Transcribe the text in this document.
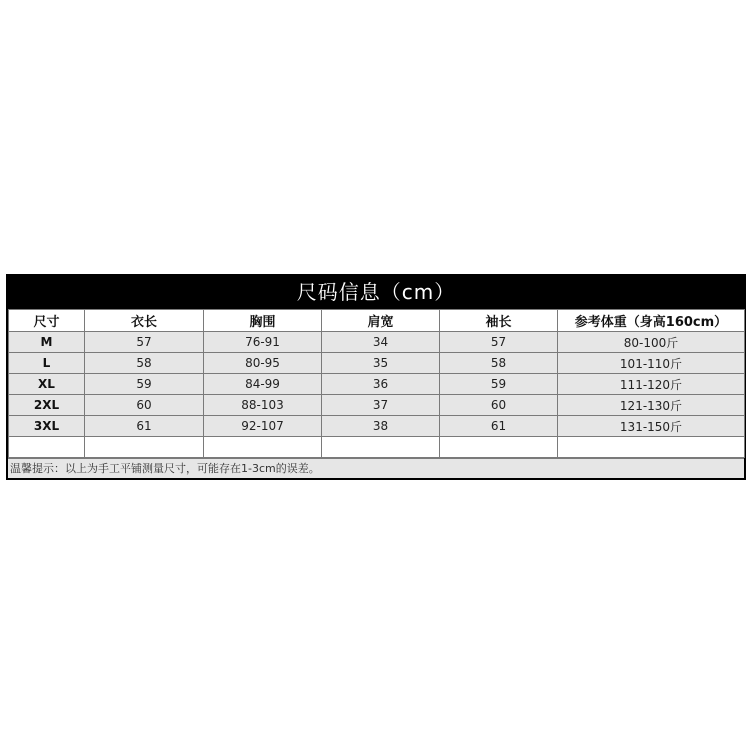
尺码信息（cm）
尺寸	衣长	胸围	肩宽	袖长	参考体重（身高160cm）
M	57	76-91	34	57	80-100斤
L	58	80-95	35	58	101-110斤
XL	59	84-99	36	59	111-120斤
2XL	60	88-103	37	60	121-130斤
3XL	61	92-107	38	61	131-150斤

温馨提示：以上为手工平铺测量尺寸，可能存在1-3cm的误差。
